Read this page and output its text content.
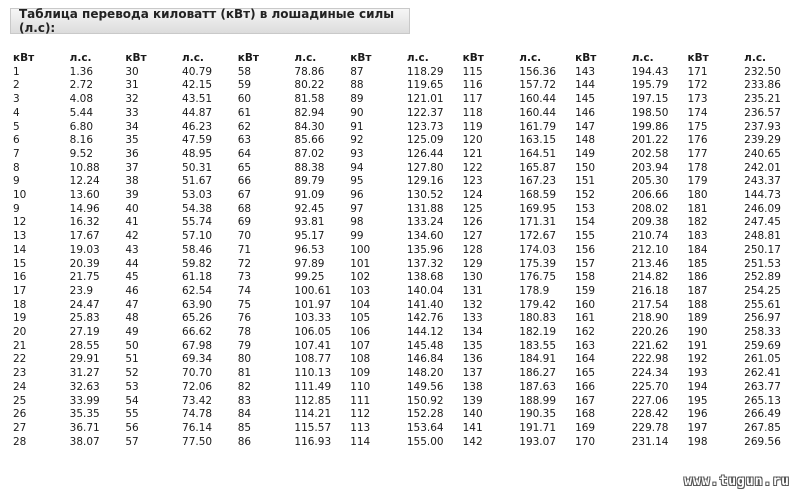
Таблица перевода киловатт (кВт) в лошадиные силы (л.с):
кВт	л.с.	кВт	л.с.	кВт	л.с.	кВт	л.с.	кВт	л.с.	кВт	л.с.	кВт	л.с.
1	1.36	30	40.79	58	78.86	87	118.29	115	156.36	143	194.43	171	232.50
2	2.72	31	42.15	59	80.22	88	119.65	116	157.72	144	195.79	172	233.86
3	4.08	32	43.51	60	81.58	89	121.01	117	160.44	145	197.15	173	235.21
4	5.44	33	44.87	61	82.94	90	122.37	118	160.44	146	198.50	174	236.57
5	6.80	34	46.23	62	84.30	91	123.73	119	161.79	147	199.86	175	237.93
6	8.16	35	47.59	63	85.66	92	125.09	120	163.15	148	201.22	176	239.29
7	9.52	36	48.95	64	87.02	93	126.44	121	164.51	149	202.58	177	240.65
8	10.88	37	50.31	65	88.38	94	127.80	122	165.87	150	203.94	178	242.01
9	12.24	38	51.67	66	89.79	95	129.16	123	167.23	151	205.30	179	243.37
10	13.60	39	53.03	67	91.09	96	130.52	124	168.59	152	206.66	180	144.73
9	14.96	40	54.38	68	92.45	97	131.88	125	169.95	153	208.02	181	246.09
12	16.32	41	55.74	69	93.81	98	133.24	126	171.31	154	209.38	182	247.45
13	17.67	42	57.10	70	95.17	99	134.60	127	172.67	155	210.74	183	248.81
14	19.03	43	58.46	71	96.53	100	135.96	128	174.03	156	212.10	184	250.17
15	20.39	44	59.82	72	97.89	101	137.32	129	175.39	157	213.46	185	251.53
16	21.75	45	61.18	73	99.25	102	138.68	130	176.75	158	214.82	186	252.89
17	23.9	46	62.54	74	100.61	103	140.04	131	178.9	159	216.18	187	254.25
18	24.47	47	63.90	75	101.97	104	141.40	132	179.42	160	217.54	188	255.61
19	25.83	48	65.26	76	103.33	105	142.76	133	180.83	161	218.90	189	256.97
20	27.19	49	66.62	78	106.05	106	144.12	134	182.19	162	220.26	190	258.33
21	28.55	50	67.98	79	107.41	107	145.48	135	183.55	163	221.62	191	259.69
22	29.91	51	69.34	80	108.77	108	146.84	136	184.91	164	222.98	192	261.05
23	31.27	52	70.70	81	110.13	109	148.20	137	186.27	165	224.34	193	262.41
24	32.63	53	72.06	82	111.49	110	149.56	138	187.63	166	225.70	194	263.77
25	33.99	54	73.42	83	112.85	111	150.92	139	188.99	167	227.06	195	265.13
26	35.35	55	74.78	84	114.21	112	152.28	140	190.35	168	228.42	196	266.49
27	36.71	56	76.14	85	115.57	113	153.64	141	191.71	169	229.78	197	267.85
28	38.07	57	77.50	86	116.93	114	155.00	142	193.07	170	231.14	198	269.56
www.tugun.ru
